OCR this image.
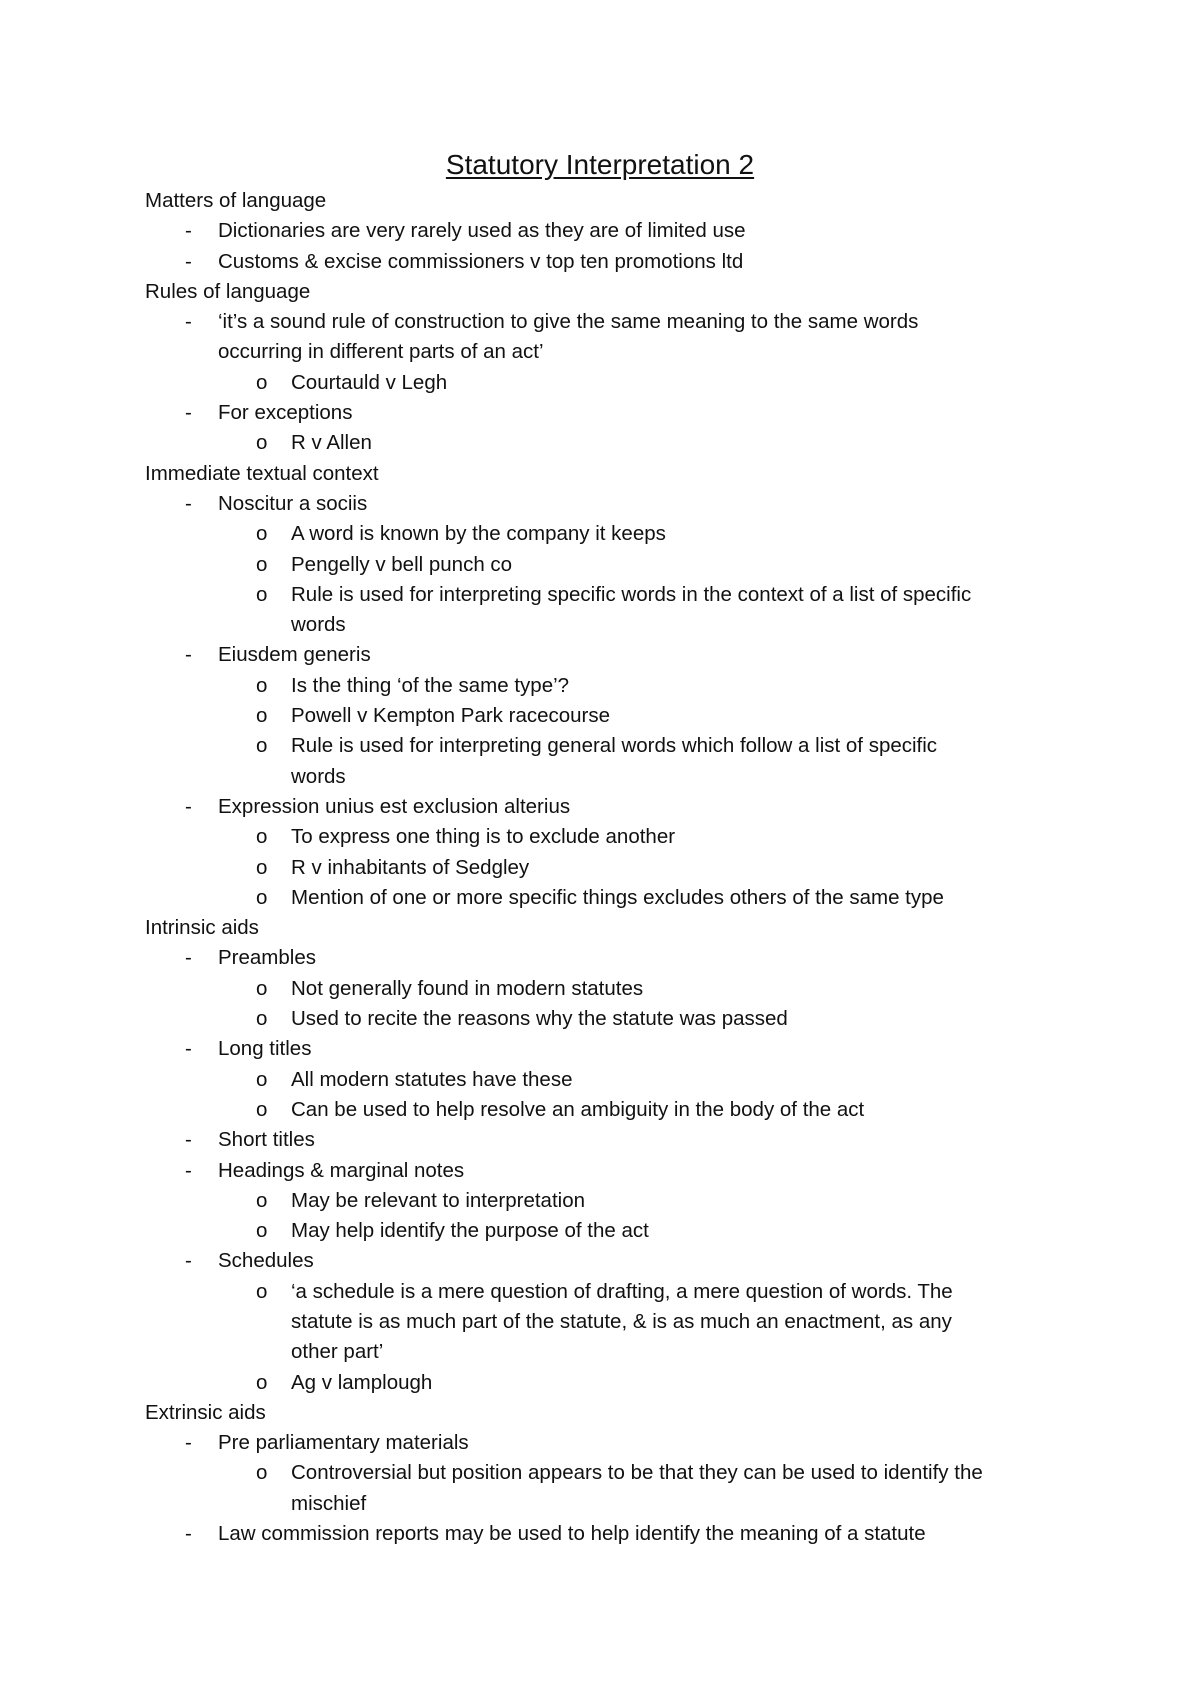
Statutory Interpretation 2
Matters of language
- Dictionaries are very rarely used as they are of limited use
- Customs & excise commissioners v top ten promotions ltd
Rules of language
- ‘it’s a sound rule of construction to give the same meaning to the same words
occurring in different parts of an act’
o Courtauld v Legh
- For exceptions
o R v Allen
Immediate textual context
- Noscitur a sociis
o A word is known by the company it keeps
o Pengelly v bell punch co
o Rule is used for interpreting specific words in the context of a list of specific
words
- Eiusdem generis
o Is the thing ‘of the same type’?
o Powell v Kempton Park racecourse
o Rule is used for interpreting general words which follow a list of specific
words
- Expression unius est exclusion alterius
o To express one thing is to exclude another
o R v inhabitants of Sedgley
o Mention of one or more specific things excludes others of the same type
Intrinsic aids
- Preambles
o Not generally found in modern statutes
o Used to recite the reasons why the statute was passed
- Long titles
o All modern statutes have these
o Can be used to help resolve an ambiguity in the body of the act
- Short titles
- Headings & marginal notes
o May be relevant to interpretation
o May help identify the purpose of the act
- Schedules
o ‘a schedule is a mere question of drafting, a mere question of words. The
statute is as much part of the statute, & is as much an enactment, as any
other part’
o Ag v lamplough
Extrinsic aids
- Pre parliamentary materials
o Controversial but position appears to be that they can be used to identify the
mischief
- Law commission reports may be used to help identify the meaning of a statute
